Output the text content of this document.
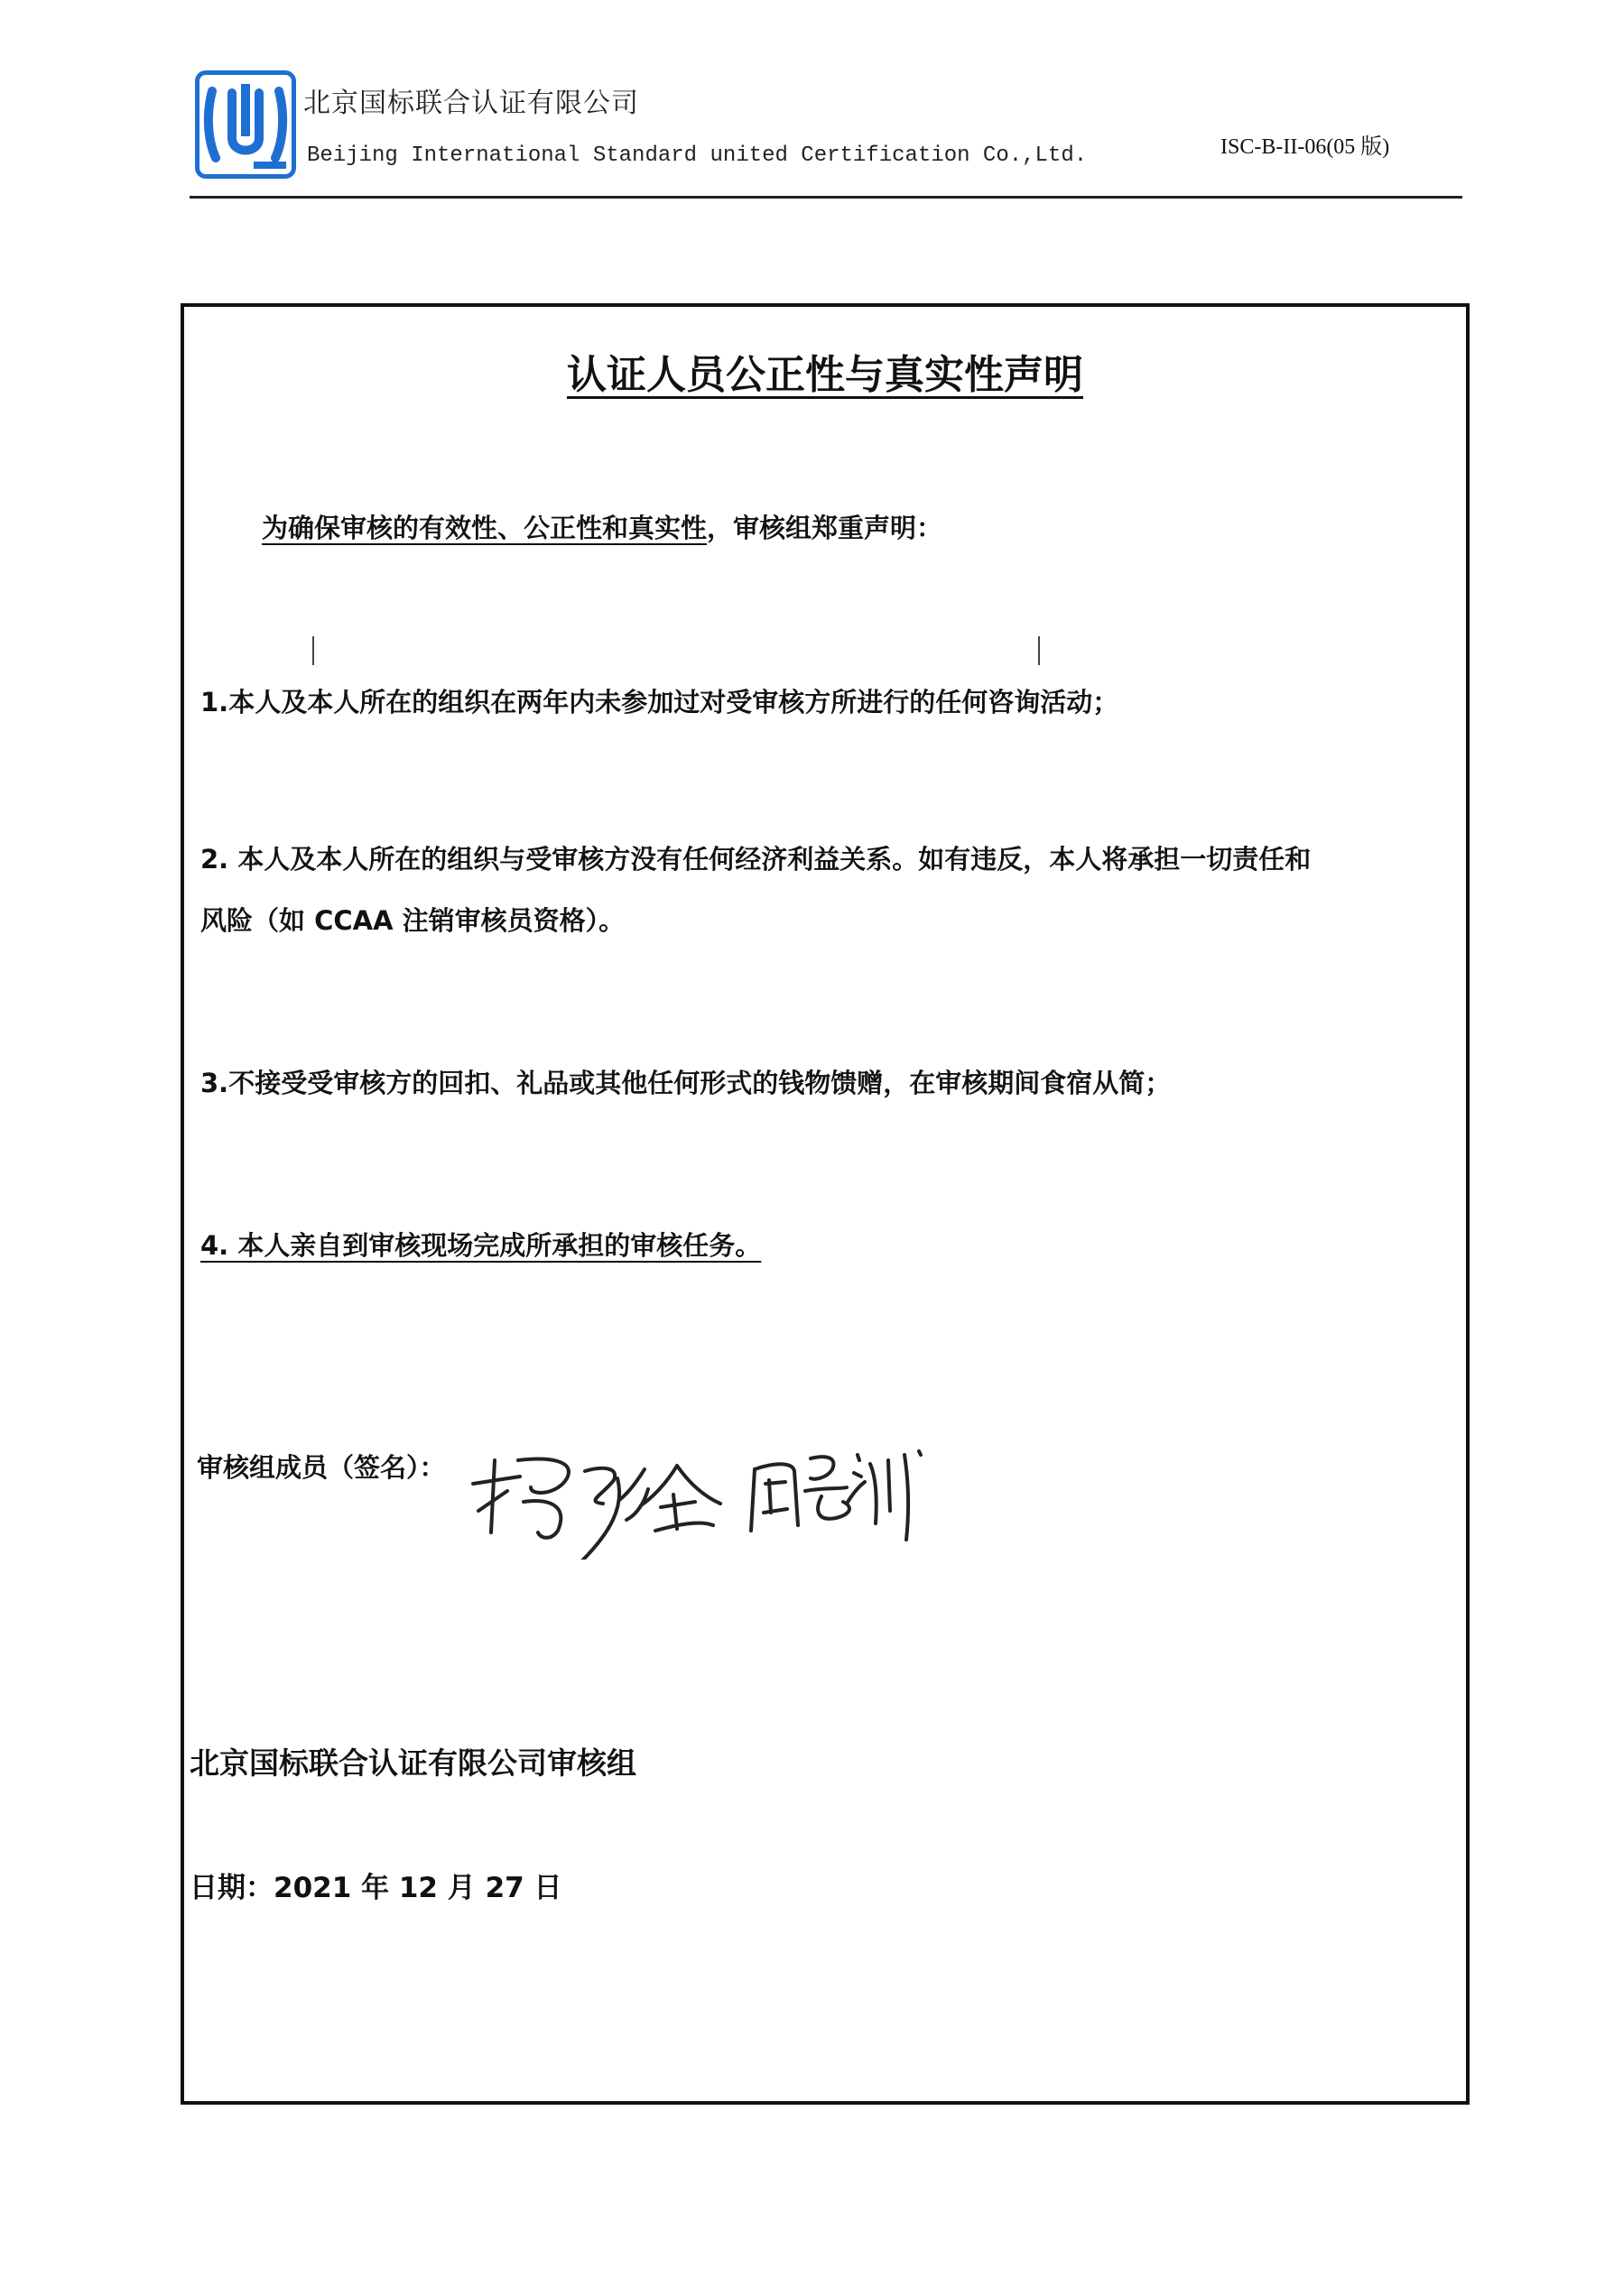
北京国标联合认证有限公司
Beijing International Standard united Certification Co.,Ltd.	ISC-B-II-06(05 版)
认证人员公正性与真实性声明
为确保审核的有效性、公正性和真实性，审核组郑重声明：
1.本人及本人所在的组织在两年内未参加过对受审核方所进行的任何咨询活动；
2. 本人及本人所在的组织与受审核方没有任何经济利益关系。如有违反，本人将承担一切责任和
风险（如 CCAA 注销审核员资格）。
3.不接受受审核方的回扣、礼品或其他任何形式的钱物馈赠，在审核期间食宿从简；
4. 本人亲自到审核现场完成所承担的审核任务。
审核组成员（签名）：
北京国标联合认证有限公司审核组
日期：2021 年 12 月 27 日
